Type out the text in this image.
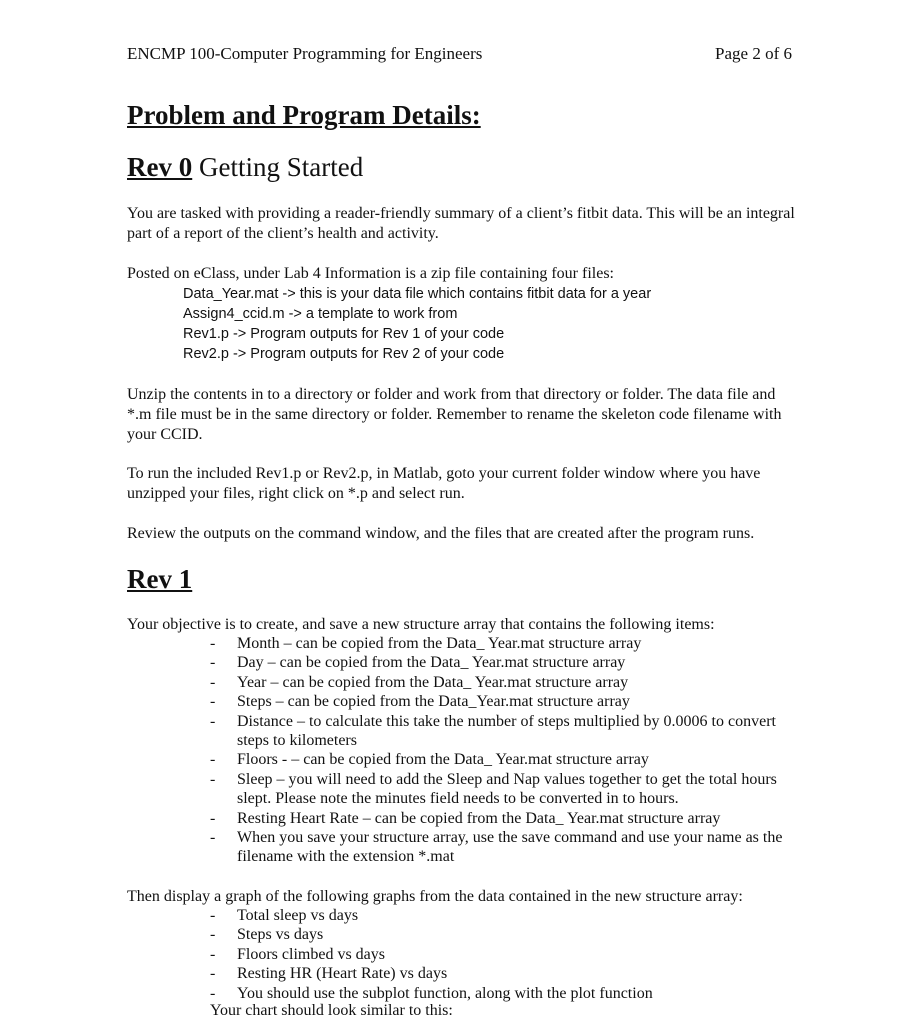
ENCMP 100-Computer Programming for Engineers	Page 2 of 6
Problem and Program Details:
Rev 0 Getting Started

You are tasked with providing a reader-friendly summary of a client’s fitbit data. This will be an integral part of a report of the client’s health and activity.

Posted on eClass, under Lab 4 Information is a zip file containing four files:

Data_Year.mat -> this is your data file which contains fitbit data for a year
Assign4_ccid.m -> a template to work from
Rev1.p -> Program outputs for Rev 1 of your code
Rev2.p -> Program outputs for Rev 2 of your code

Unzip the contents in to a directory or folder and work from that directory or folder. The data file and *.m file must be in the same directory or folder. Remember to rename the skeleton code filename with your CCID.

To run the included Rev1.p or Rev2.p, in Matlab, goto your current folder window where you have unzipped your files, right click on *.p and select run.

Review the outputs on the command window, and the files that are created after the program runs.

Rev 1

Your objective is to create, and save a new structure array that contains the following items:

- Month – can be copied from the Data_ Year.mat structure array
- Day – can be copied from the Data_ Year.mat structure array
- Year – can be copied from the Data_ Year.mat structure array
- Steps – can be copied from the Data_Year.mat structure array
- Distance – to calculate this take the number of steps multiplied by 0.0006 to convert steps to kilometers
- Floors - – can be copied from the Data_ Year.mat structure array
- Sleep – you will need to add the Sleep and Nap values together to get the total hours slept. Please note the minutes field needs to be converted in to hours.
- Resting Heart Rate – can be copied from the Data_ Year.mat structure array
- When you save your structure array, use the save command and use your name as the filename with the extension *.mat

Then display a graph of the following graphs from the data contained in the new structure array:

- Total sleep vs days
- Steps vs days
- Floors climbed vs days
- Resting HR (Heart Rate) vs days
- You should use the subplot function, along with the plot function
Your chart should look similar to this:
